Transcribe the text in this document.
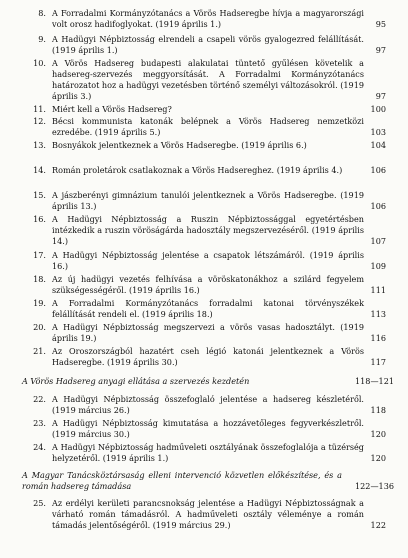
8. A Forradalmi Kormányzótanács a Vörös Hadseregbe hívja a magyarországi volt orosz hadifoglyokat. (1919 április 1.)	95
9. A Hadügyi Népbiztosság elrendeli a csapeli vörös gyalogezred felállítását. (1919 április 1.)	97
10. A Vörös Hadsereg budapesti alakulatai tüntető gyűlésen követelik a hadsereg-szervezés meggyorsítását. A Forradalmi Kormányzótanács határozatot hoz a hadügyi vezetésben történő személyi változásokról. (1919 április 3.)	97
11. Miért kell a Vörös Hadsereg?	100
12. Bécsi kommunista katonák belépnek a Vörös Hadsereg nemzetközi ezredébe. (1919 április 5.)	103
13. Bosnyákok jelentkeznek a Vörös Hadseregbe. (1919 április 6.)	104
14. Román proletárok csatlakoznak a Vörös Hadsereghez. (1919 április 4.)	106
15. A jászberényi gimnázium tanulói jelentkeznek a Vörös Hadseregbe. (1919 április 13.)	106
16. A Hadügyi Népbiztosság a Ruszin Népbiztossággal egyetértésben intézkedik a ruszin vöröságárda hadosztály megszervezéséről. (1919 április 14.)	107
17. A Hadügyi Népbiztosság jelentése a csapatok létszámáról. (1919 április 16.)	109
18. Az új hadügyi vezetés felhívása a vöröskatonákhoz a szilárd fegyelem szükségességéről. (1919 április 16.)	111
19. A Forradalmi Kormányzótanács forradalmi katonai törvényszékek felállítását rendeli el. (1919 április 18.)	113
20. A Hadügyi Népbiztosság megszervezi a vörös vasas hadosztályt. (1919 április 19.)	116
21. Az Oroszországból hazatért cseh légió katonái jelentkeznek a Vörös Hadseregbe. (1919 április 30.)	117
A Vörös Hadsereg anyagi ellátása a szervezés kezdetén	118—121
22. A Hadügyi Népbiztosság összefoglaló jelentése a hadsereg készletéről. (1919 március 26.)	118
23. A Hadügyi Népbiztosság kimutatása a hozzávetőleges fegyverkészletről. (1919 március 30.)	120
24. A Hadügyi Népbiztosság hadműveleti osztályának összefoglalója a tüzérség helyzetéről. (1919 április 1.)	120
A Magyar Tanácsköztársaság elleni intervenció közvetlen előkészítése, és a román hadsereg támadása	122—136
25. Az erdélyi kerületi parancsnokság jelentése a Hadügyi Népbiztosságnak a várható román támadásról. A hadműveleti osztály véleménye a román támadás jelentőségéről. (1919 március 29.)	122
